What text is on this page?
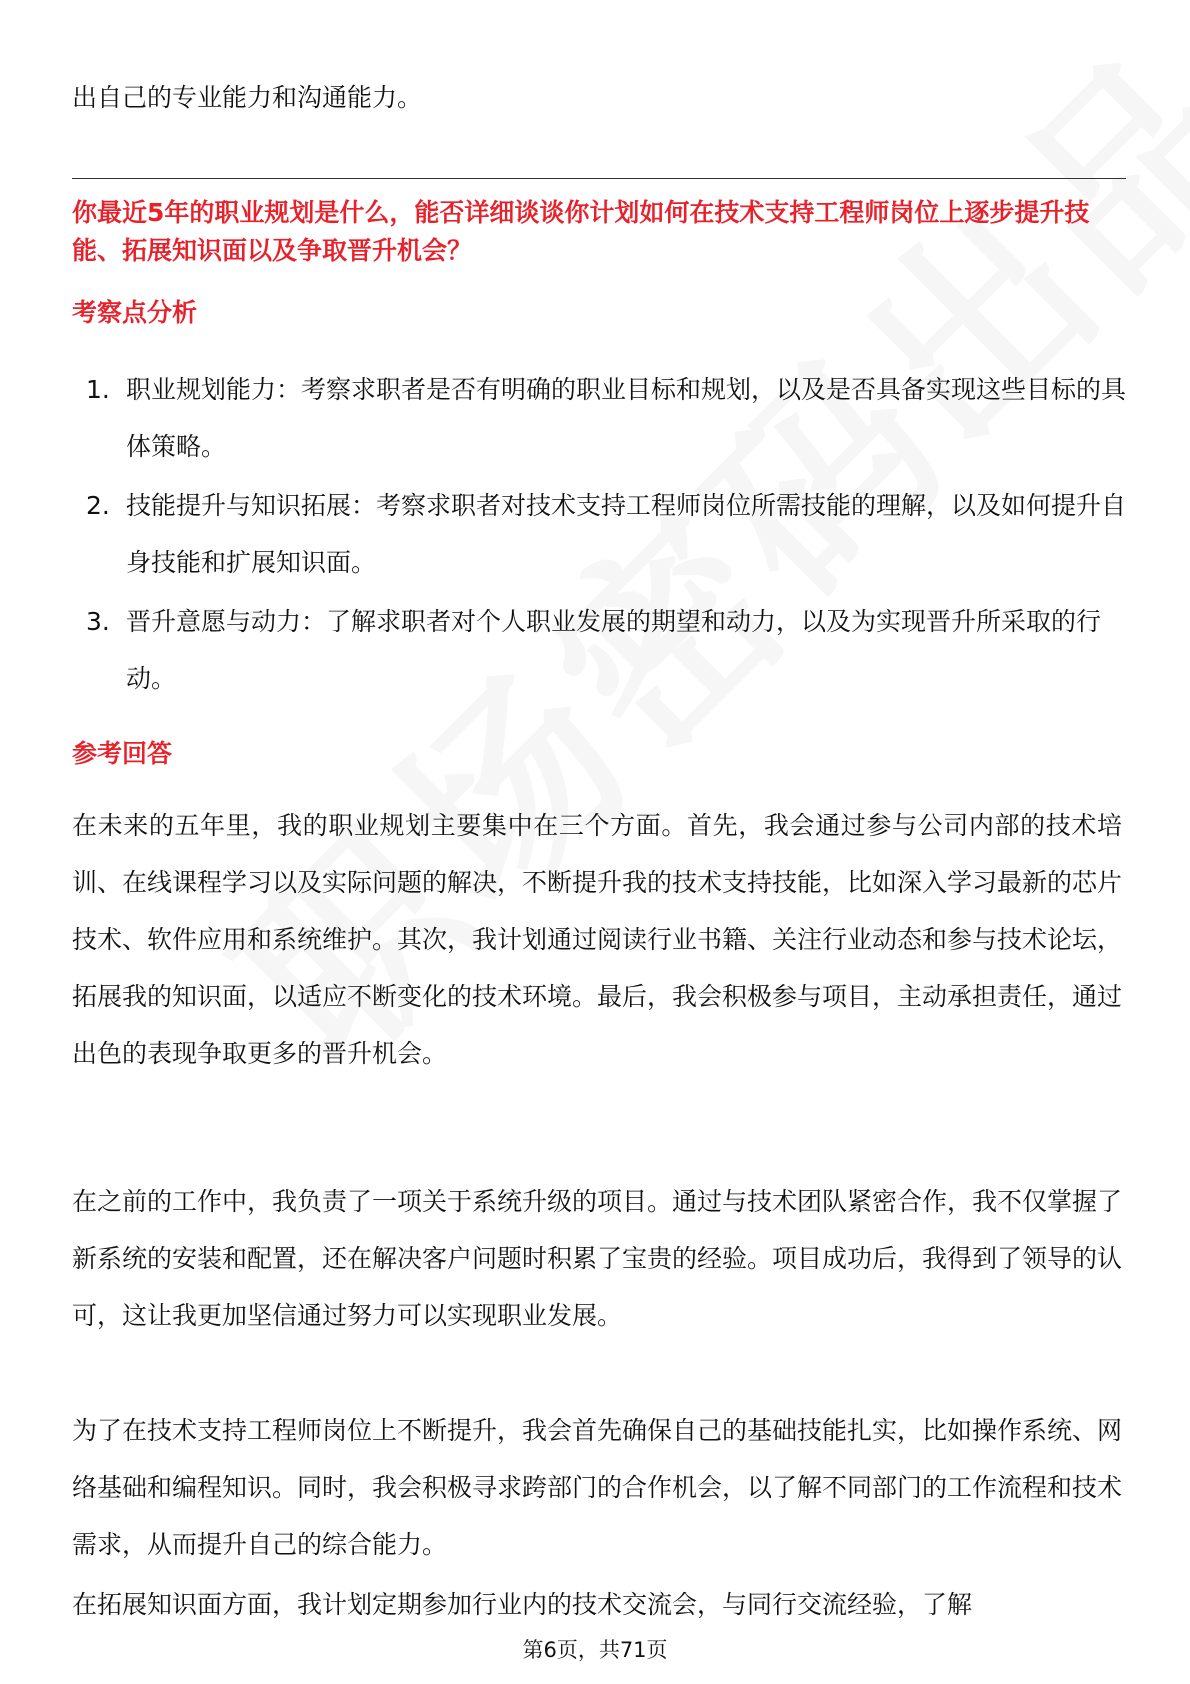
出自己的专业能力和沟通能力。
你最近5年的职业规划是什么，能否详细谈谈你计划如何在技术支持工程师岗位上逐步提升技能、拓展知识面以及争取晋升机会？
考察点分析
1. 职业规划能力：考察求职者是否有明确的职业目标和规划，以及是否具备实现这些目标的具体策略。
2. 技能提升与知识拓展：考察求职者对技术支持工程师岗位所需技能的理解，以及如何提升自身技能和扩展知识面。
3. 晋升意愿与动力：了解求职者对个人职业发展的期望和动力，以及为实现晋升所采取的行动。
参考回答
在未来的五年里，我的职业规划主要集中在三个方面。首先，我会通过参与公司内部的技术培训、在线课程学习以及实际问题的解决，不断提升我的技术支持技能，比如深入学习最新的芯片技术、软件应用和系统维护。其次，我计划通过阅读行业书籍、关注行业动态和参与技术论坛，拓展我的知识面，以适应不断变化的技术环境。最后，我会积极参与项目，主动承担责任，通过出色的表现争取更多的晋升机会。
在之前的工作中，我负责了一项关于系统升级的项目。通过与技术团队紧密合作，我不仅掌握了新系统的安装和配置，还在解决客户问题时积累了宝贵的经验。项目成功后，我得到了领导的认可，这让我更加坚信通过努力可以实现职业发展。
为了在技术支持工程师岗位上不断提升，我会首先确保自己的基础技能扎实，比如操作系统、网络基础和编程知识。同时，我会积极寻求跨部门的合作机会，以了解不同部门的工作流程和技术需求，从而提升自己的综合能力。
在拓展知识面方面，我计划定期参加行业内的技术交流会，与同行交流经验，了解
第6页，共71页
